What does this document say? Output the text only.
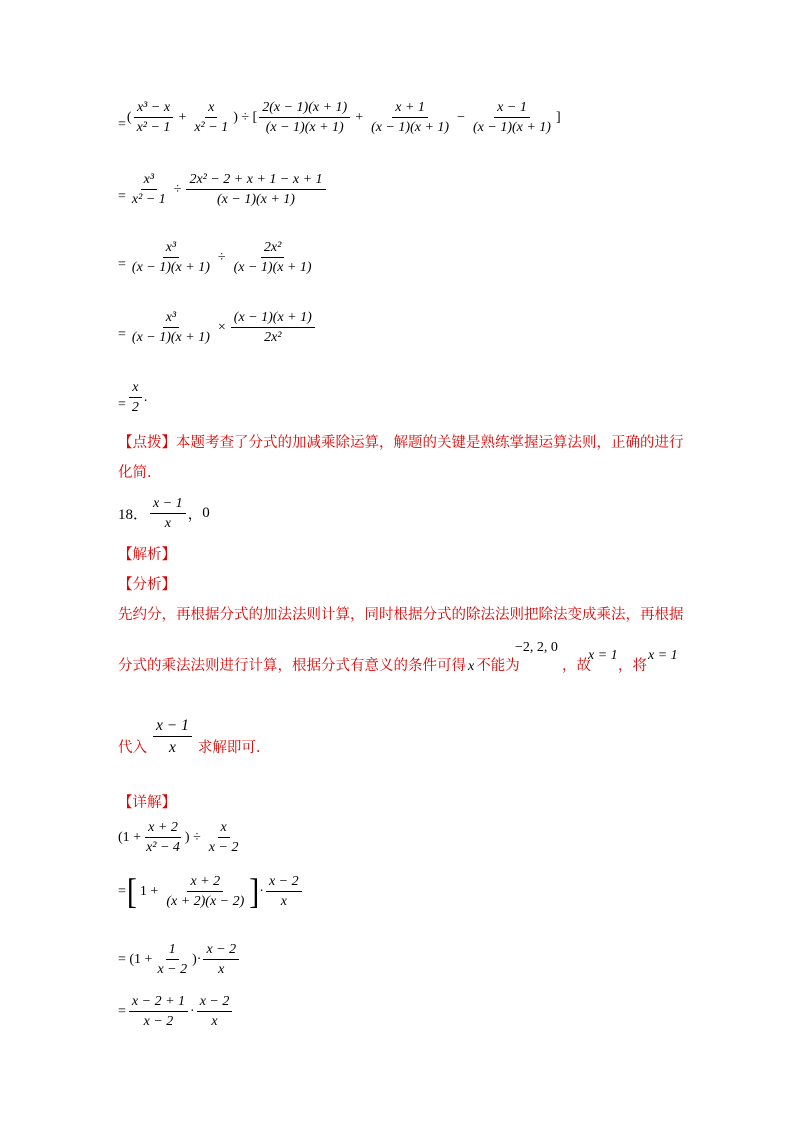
= ( $\frac{\text{x³ − x}}{\text{x² − 1}} + \frac{x}{\text{x² − 1}}$ ) ÷ [ $\frac{2(x - 1)(x + 1)}{(x - 1)(x + 1)} + \frac{x + 1}{(x - 1)(x + 1)} - \frac{x - 1}{(x - 1)(x + 1)}$ ]
= $\frac{\text{x³}}{\text{x² − 1}} \div \frac{\text{2x² − 2 + x + 1 − x + 1}}{(x - 1)(x + 1)}$
= $\frac{\text{x³}}{(x - 1)(x + 1)} \div \frac{\text{2x²}}{(x - 1)(x + 1)}$
= $\frac{\text{x³}}{(x - 1)(x + 1)} \times \frac{(x - 1)(x + 1)}{\text{2x²}}$
= $\frac{x}{2}$ .
【点拨】本题考查了分式的加减乘除运算，解题的关键是熟练掌握运算法则，正确的进行
化简.
18． $\frac{x - 1}{x}$ ， 0
【解析】
【分析】
先约分，再根据分式的加法法则计算，同时根据分式的除法法则把除法变成乘法，再根据
分式的乘法法则进行计算，根据分式有意义的条件可得 x 不能为
−2, 2, 0
，故
x = 1
，将
x = 1
代入 $\frac{x - 1}{x}$ 求解即可.
【详解】
($1 + \frac{x + 2}{\text{x² − 4}}$ ) ÷ $\frac{x}{x - 2}$
= [ $1 + \frac{x + 2}{(x + 2)(x - 2)}$ ] · $\frac{x - 2}{x}$
= ($1 + \frac{1}{x - 2}$ )· $\frac{x - 2}{x}$
= $\frac{x - 2 + 1}{x - 2} \cdot \frac{x - 2}{x}$
